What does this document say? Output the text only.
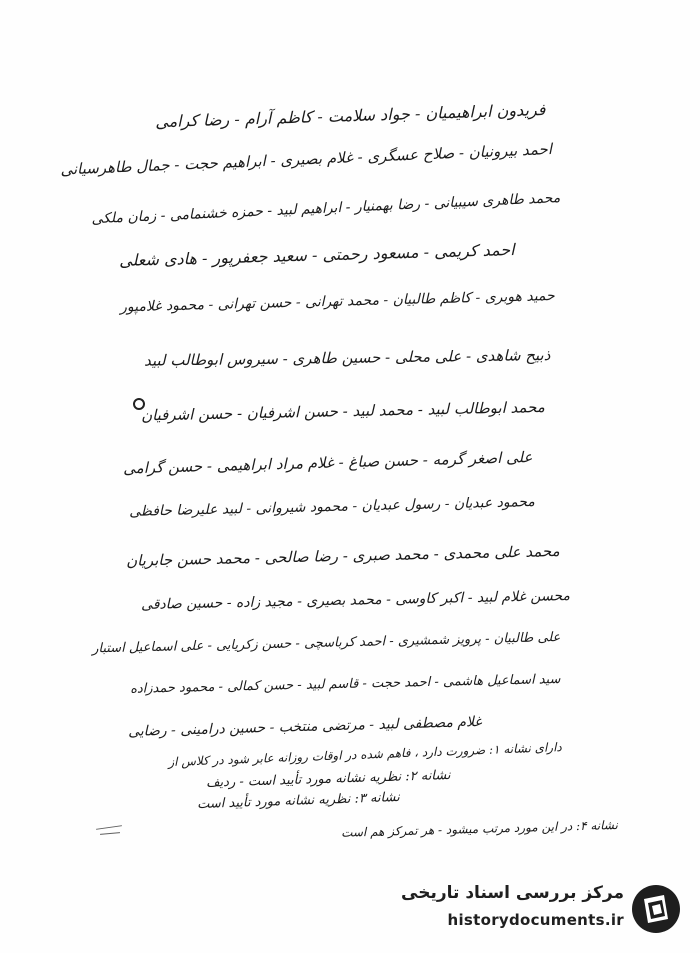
فریدون ابراهیمیان - جواد سلامت - کاظم آرام - رضا کرامی
احمد بیرونیان - صلاح عسگری - غلام بصیری - ابراهیم حجت - جمال طاهرسیانی
محمد طاهری سیبیانی - رضا بهمنیار - ابراهیم لبید - حمزه خشنمامی - زمان ملکی
احمد کریمی - مسعود رحمتی - سعید جعفرپور - هادی شعلی
حمید هوبری - کاظم طالبیان - محمد تهرانی - حسن تهرانی - محمود غلامپور
ذبیح شاهدی - علی محلی - حسین طاهری - سیروس ابوطالب لبید
محمد ابوطالب لبید - محمد لبید - حسن اشرفیان - حسن اشرفیان
علی اصغر گرمه - حسن صباغ - غلام مراد ابراهیمی - حسن گرامی
محمود عبدیان - رسول عبدیان - محمود شیروانی - لبید علیرضا حافظی
محمد علی محمدی - محمد صبری - رضا صالحی - محمد حسن جابریان
محسن غلام لبید - اکبر کاوسی - محمد بصیری - مجید زاده - حسین صادقی
علی طالبیان - پرویز شمشیری - احمد کرباسچی - حسن زکریایی - علی اسماعیل استبار
سید اسماعیل هاشمی - احمد حجت - قاسم لبید - حسن کمالی - محمود حمدزاده
غلام مصطفی لبید - مرتضی منتخب - حسین درامینی - رضایی
دارای نشانه ۱: ضرورت دارد ، فاهم شده در اوقات روزانه عابر شود در کلاس از
نشانه ۲: نظریه نشانه مورد تأیید است - ردیف
نشانه ۳: نظریه نشانه مورد تأیید است
نشانه ۴: در این مورد مرتب میشود - هر تمرکز هم است
مرکز بررسی اسناد تاریخی
historydocuments.ir
